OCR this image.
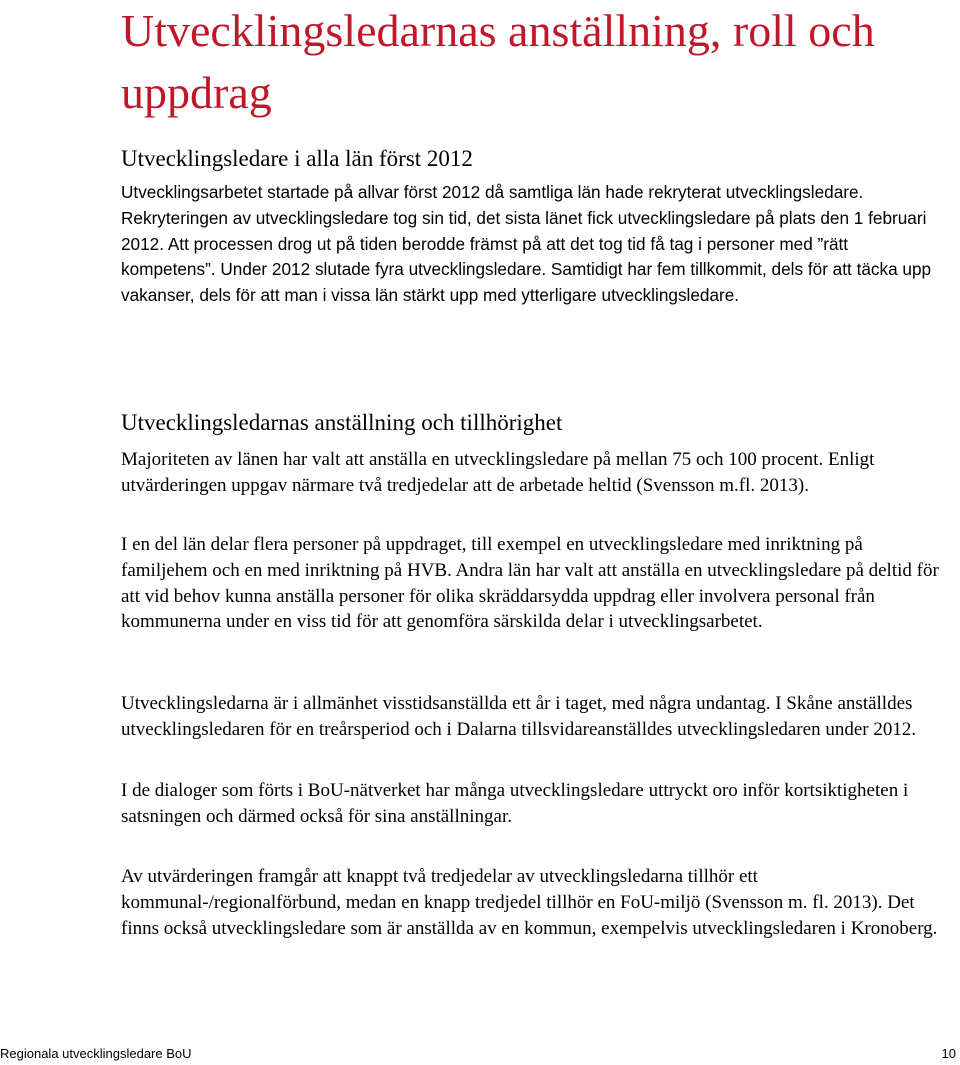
Utvecklingsledarnas anställning, roll och uppdrag
Utvecklingsledare i alla län först 2012

Utvecklingsarbetet startade på allvar först 2012 då samtliga län hade rekryterat utvecklingsledare. Rekryteringen av utvecklingsledare tog sin tid, det sista länet fick utvecklingsledare på plats den 1 februari 2012. Att processen drog ut på tiden berodde främst på att det tog tid få tag i personer med ”rätt kompetens”. Under 2012 slutade fyra utvecklingsledare. Samtidigt har fem tillkommit, dels för att täcka upp vakanser, dels för att man i vissa län stärkt upp med ytterligare utvecklingsledare.

Utvecklingsledarnas anställning och tillhörighet

Majoriteten av länen har valt att anställa en utvecklingsledare på mellan 75 och 100 procent. Enligt utvärderingen uppgav närmare två tredjedelar att de arbetade heltid (Svensson m.fl. 2013).

I en del län delar flera personer på uppdraget, till exempel en utvecklingsledare med inriktning på familjehem och en med inriktning på HVB. Andra län har valt att anställa en utvecklingsledare på deltid för att vid behov kunna anställa personer för olika skräddarsydda uppdrag eller involvera personal från kommunerna under en viss tid för att genomföra särskilda delar i utvecklingsarbetet.

Utvecklingsledarna är i allmänhet visstidsanställda ett år i taget, med några undantag. I Skåne anställdes utvecklingsledaren för en treårsperiod och i Dalarna tillsvidareanställdes utvecklingsledaren under 2012.

I de dialoger som förts i BoU-nätverket har många utvecklingsledare uttryckt oro inför kortsiktigheten i satsningen och därmed också för sina anställningar.

Av utvärderingen framgår att knappt två tredjedelar av utvecklingsledarna tillhör ett kommunal-/regionalförbund, medan en knapp tredjedel tillhör en FoU-miljö (Svensson m. fl. 2013). Det finns också utvecklingsledare som är anställda av en kommun, exempelvis utvecklingsledaren i Kronoberg.

Regionala utvecklingsledare BoU	10
